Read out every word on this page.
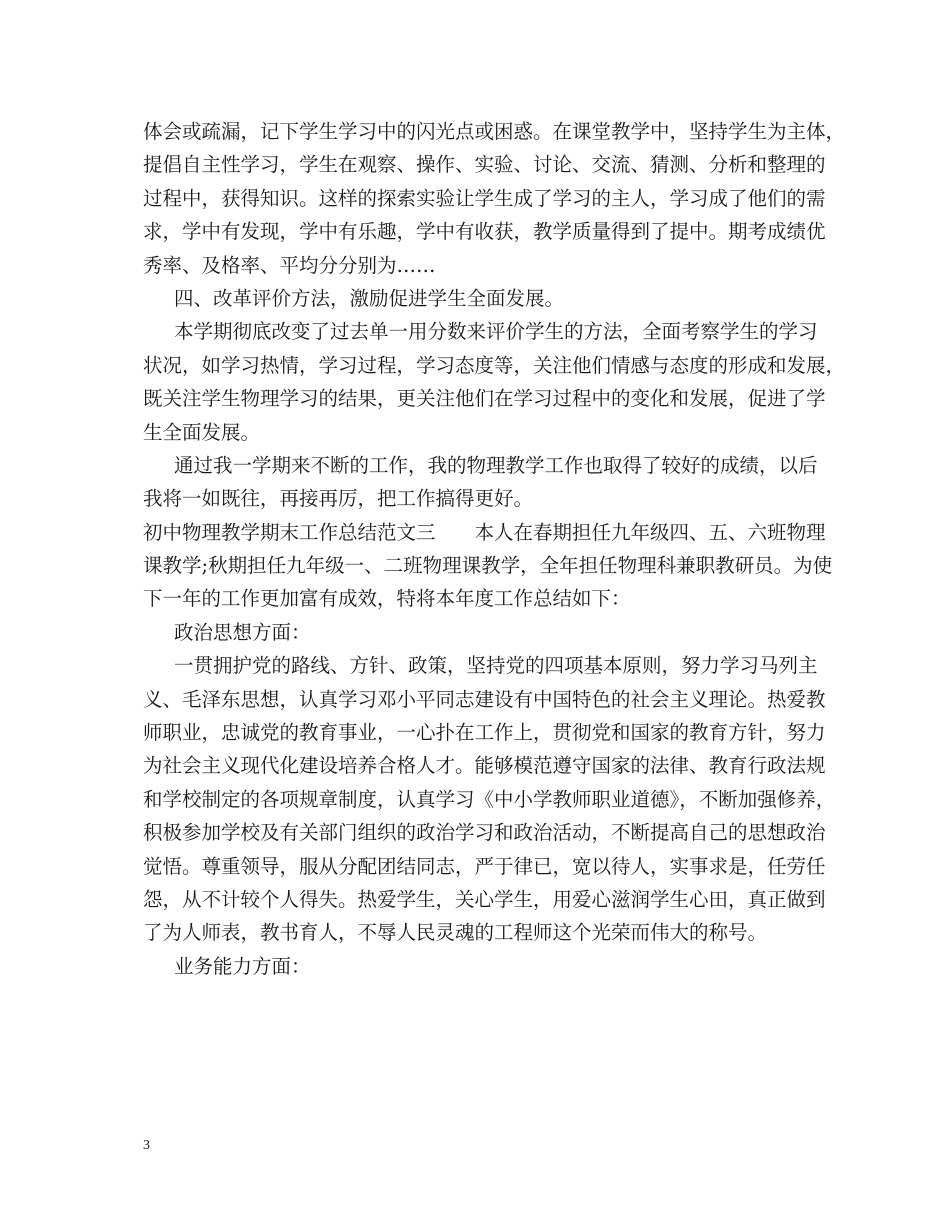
体会或疏漏，记下学生学习中的闪光点或困惑。在课堂教学中，坚持学生为主体，
提倡自主性学习，学生在观察、操作、实验、讨论、交流、猜测、分析和整理的
过程中，获得知识。这样的探索实验让学生成了学习的主人，学习成了他们的需
求，学中有发现，学中有乐趣，学中有收获，教学质量得到了提中。期考成绩优
秀率、及格率、平均分分别为……
四、改革评价方法，激励促进学生全面发展。
本学期彻底改变了过去单一用分数来评价学生的方法，全面考察学生的学习
状况，如学习热情，学习过程，学习态度等，关注他们情感与态度的形成和发展，
既关注学生物理学习的结果，更关注他们在学习过程中的变化和发展，促进了学
生全面发展。
通过我一学期来不断的工作，我的物理教学工作也取得了较好的成绩，以后
我将一如既往，再接再厉，把工作搞得更好。
初中物理教学期末工作总结范文三　　本人在春期担任九年级四、五、六班物理
课教学;秋期担任九年级一、二班物理课教学，全年担任物理科兼职教研员。为使
下一年的工作更加富有成效，特将本年度工作总结如下：
政治思想方面：
一贯拥护党的路线、方针、政策，坚持党的四项基本原则，努力学习马列主
义、毛泽东思想，认真学习邓小平同志建设有中国特色的社会主义理论。热爱教
师职业，忠诚党的教育事业，一心扑在工作上，贯彻党和国家的教育方针，努力
为社会主义现代化建设培养合格人才。能够模范遵守国家的法律、教育行政法规
和学校制定的各项规章制度，认真学习《中小学教师职业道德》，不断加强修养，
积极参加学校及有关部门组织的政治学习和政治活动，不断提高自己的思想政治
觉悟。尊重领导，服从分配团结同志，严于律已，宽以待人，实事求是，任劳任
怨，从不计较个人得失。热爱学生，关心学生，用爱心滋润学生心田，真正做到
了为人师表，教书育人，不辱人民灵魂的工程师这个光荣而伟大的称号。
业务能力方面：
3
